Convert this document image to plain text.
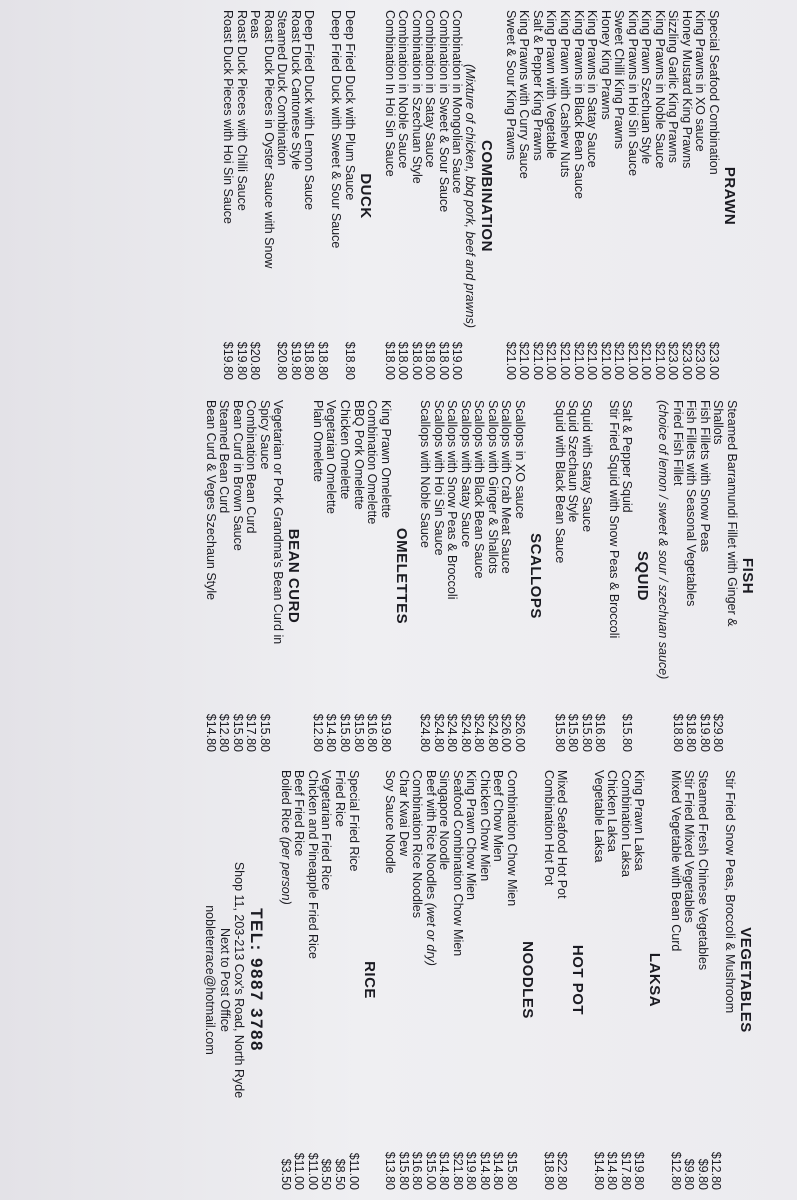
PRAWN
Special Seafood Combination
$23.00
King Prawns in XO sauce
$23.00
Honey Mustard King Prawns
$23.00
Sizzling Garlic King Prawns
$23.00
King Prawns in Noble Sauce
$21.00
King Prawn Szechuan Style
$21.00
King Prawns in Hoi Sin Sauce
$21.00
Sweet Chilli King Prawns
$21.00
Honey King Prawns
$21.00
King Prawns in Satay Sauce
$21.00
King Prawns in Black Bean Sauce
$21.00
King Prawn with Cashew Nuts
$21.00
King Prawn with Vegetable
$21.00
Salt & Pepper King Prawns
$21.00
King Prawns with Curry Sauce
$21.00
Sweet & Sour King Prawns
$21.00
COMBINATION
(Mixture of chicken, bbq pork, beef and prawns)
Combination in Mongolian Sauce
$19.00
Combination in Sweet & Sour Sauce
$18.00
Combination in Satay Sauce
$18.00
Combination in Szechuan Style
$18.00
Combination in Noble Sauce
$18.00
Combination In Hoi Sin Sauce
$18.00
DUCK
Deep Fried Duck with Plum Sauce
$18.80
Deep Fried Duck with Sweet & Sour Sauce
$18.80
Deep Fried Duck with Lemon Sauce
$18.80
Roast Duck Cantonese Style
$19.80
Steamed Duck Combination
$20.80
Roast Duck Pieces in Oyster Sauce with Snow
Peas
$20.80
Roast Duck Pieces with Chilli Sauce
$19.80
Roast Duck Pieces with Hoi Sin Sauce
$19.80
FISH
Steamed Barramundi Fillet with Ginger &
Shallots
$29.80
Fish Fillets with Snow Peas
$19.80
Fish Fillets with Seasonal Vegetables
$18.80
Fried Fish Fillet
$18.80
(choice of lemon / sweet & sour / szechuan sauce)
SQUID
Salt & Pepper Squid
$15.80
Stir Fried Squid with Snow Peas & Broccoli
$16.80
Squid with Satay Sauce
$15.80
Squid Szechaun Style
$15.80
Squid with Black Bean Sauce
$15.80
SCALLOPS
Scallops in XO sauce
$26.00
Scallops with Crab Meat Sauce
$26.00
Scallops with Ginger & Shallots
$24.80
Scallops with Black Bean Sauce
$24.80
Scallops with Satay Sauce
$24.80
Scallops with Snow Peas & Broccoli
$24.80
Scallops with Hoi Sin Sauce
$24.80
Scallops with Noble Sauce
$24.80
OMELETTES
King Prawn Omelette
$19.80
Combination Omelette
$16.80
BBQ Pork Omelette
$15.80
Chicken Omelette
$15.80
Vegetarian Omelette
$14.80
Plain Omelette
$12.80
BEAN CURD
Vegetarian or Pork Grandma's Bean Curd in
Spicy Sauce
$15.80
Combination Bean Curd
$17.80
Bean Curd in Brown Sauce
$15.80
Steamed Bean Curd
$12.80
Bean Curd & Veges Szechaun Style
$14.80
VEGETABLES
Stir Fried Snow Peas, Broccoli & Mushroom
$12.80
Steamed Fresh Chinese Vegetables
$9.80
Stir Fried Mixed Vegetables
$9.80
Mixed Vegetable with Bean Curd
$12.80
LAKSA
King Prawn Laksa
$19.80
Combination Laksa
$17.80
Chicken Laksa
$14.80
Vegetable Laksa
$14.80
HOT POT
Mixed Seafood Hot Pot
$22.80
Combination Hot Pot
$18.80
NOODLES
Combination Chow Mien
$15.80
Beef Chow Mien
$14.80
Chicken Chow Mien
$14.80
King Prawn Chow Mien
$19.80
Seafood Combination Chow Mien
$21.80
Singapore Noodle
$14.80
Beef with Rice Noodles (wet or dry)
$15.00
Combination Rice Noodles
$16.80
Char Kwai Dew
$15.80
Soy Sauce Noodle
$13.80
RICE
Special Fried Rice
$11.00
Fried Rice
$8.50
Vegetarian Fried Rice
$8.50
Chicken and Pineapple Fried Rice
$11.00
Beef Fried Rice
$11.00
Boiled Rice (per person)
$3.50
TEL: 9887 3788
Shop 11, 203-213 Cox's Road, North Ryde
Next to Post Office
nobleterrace@hotmail.com
